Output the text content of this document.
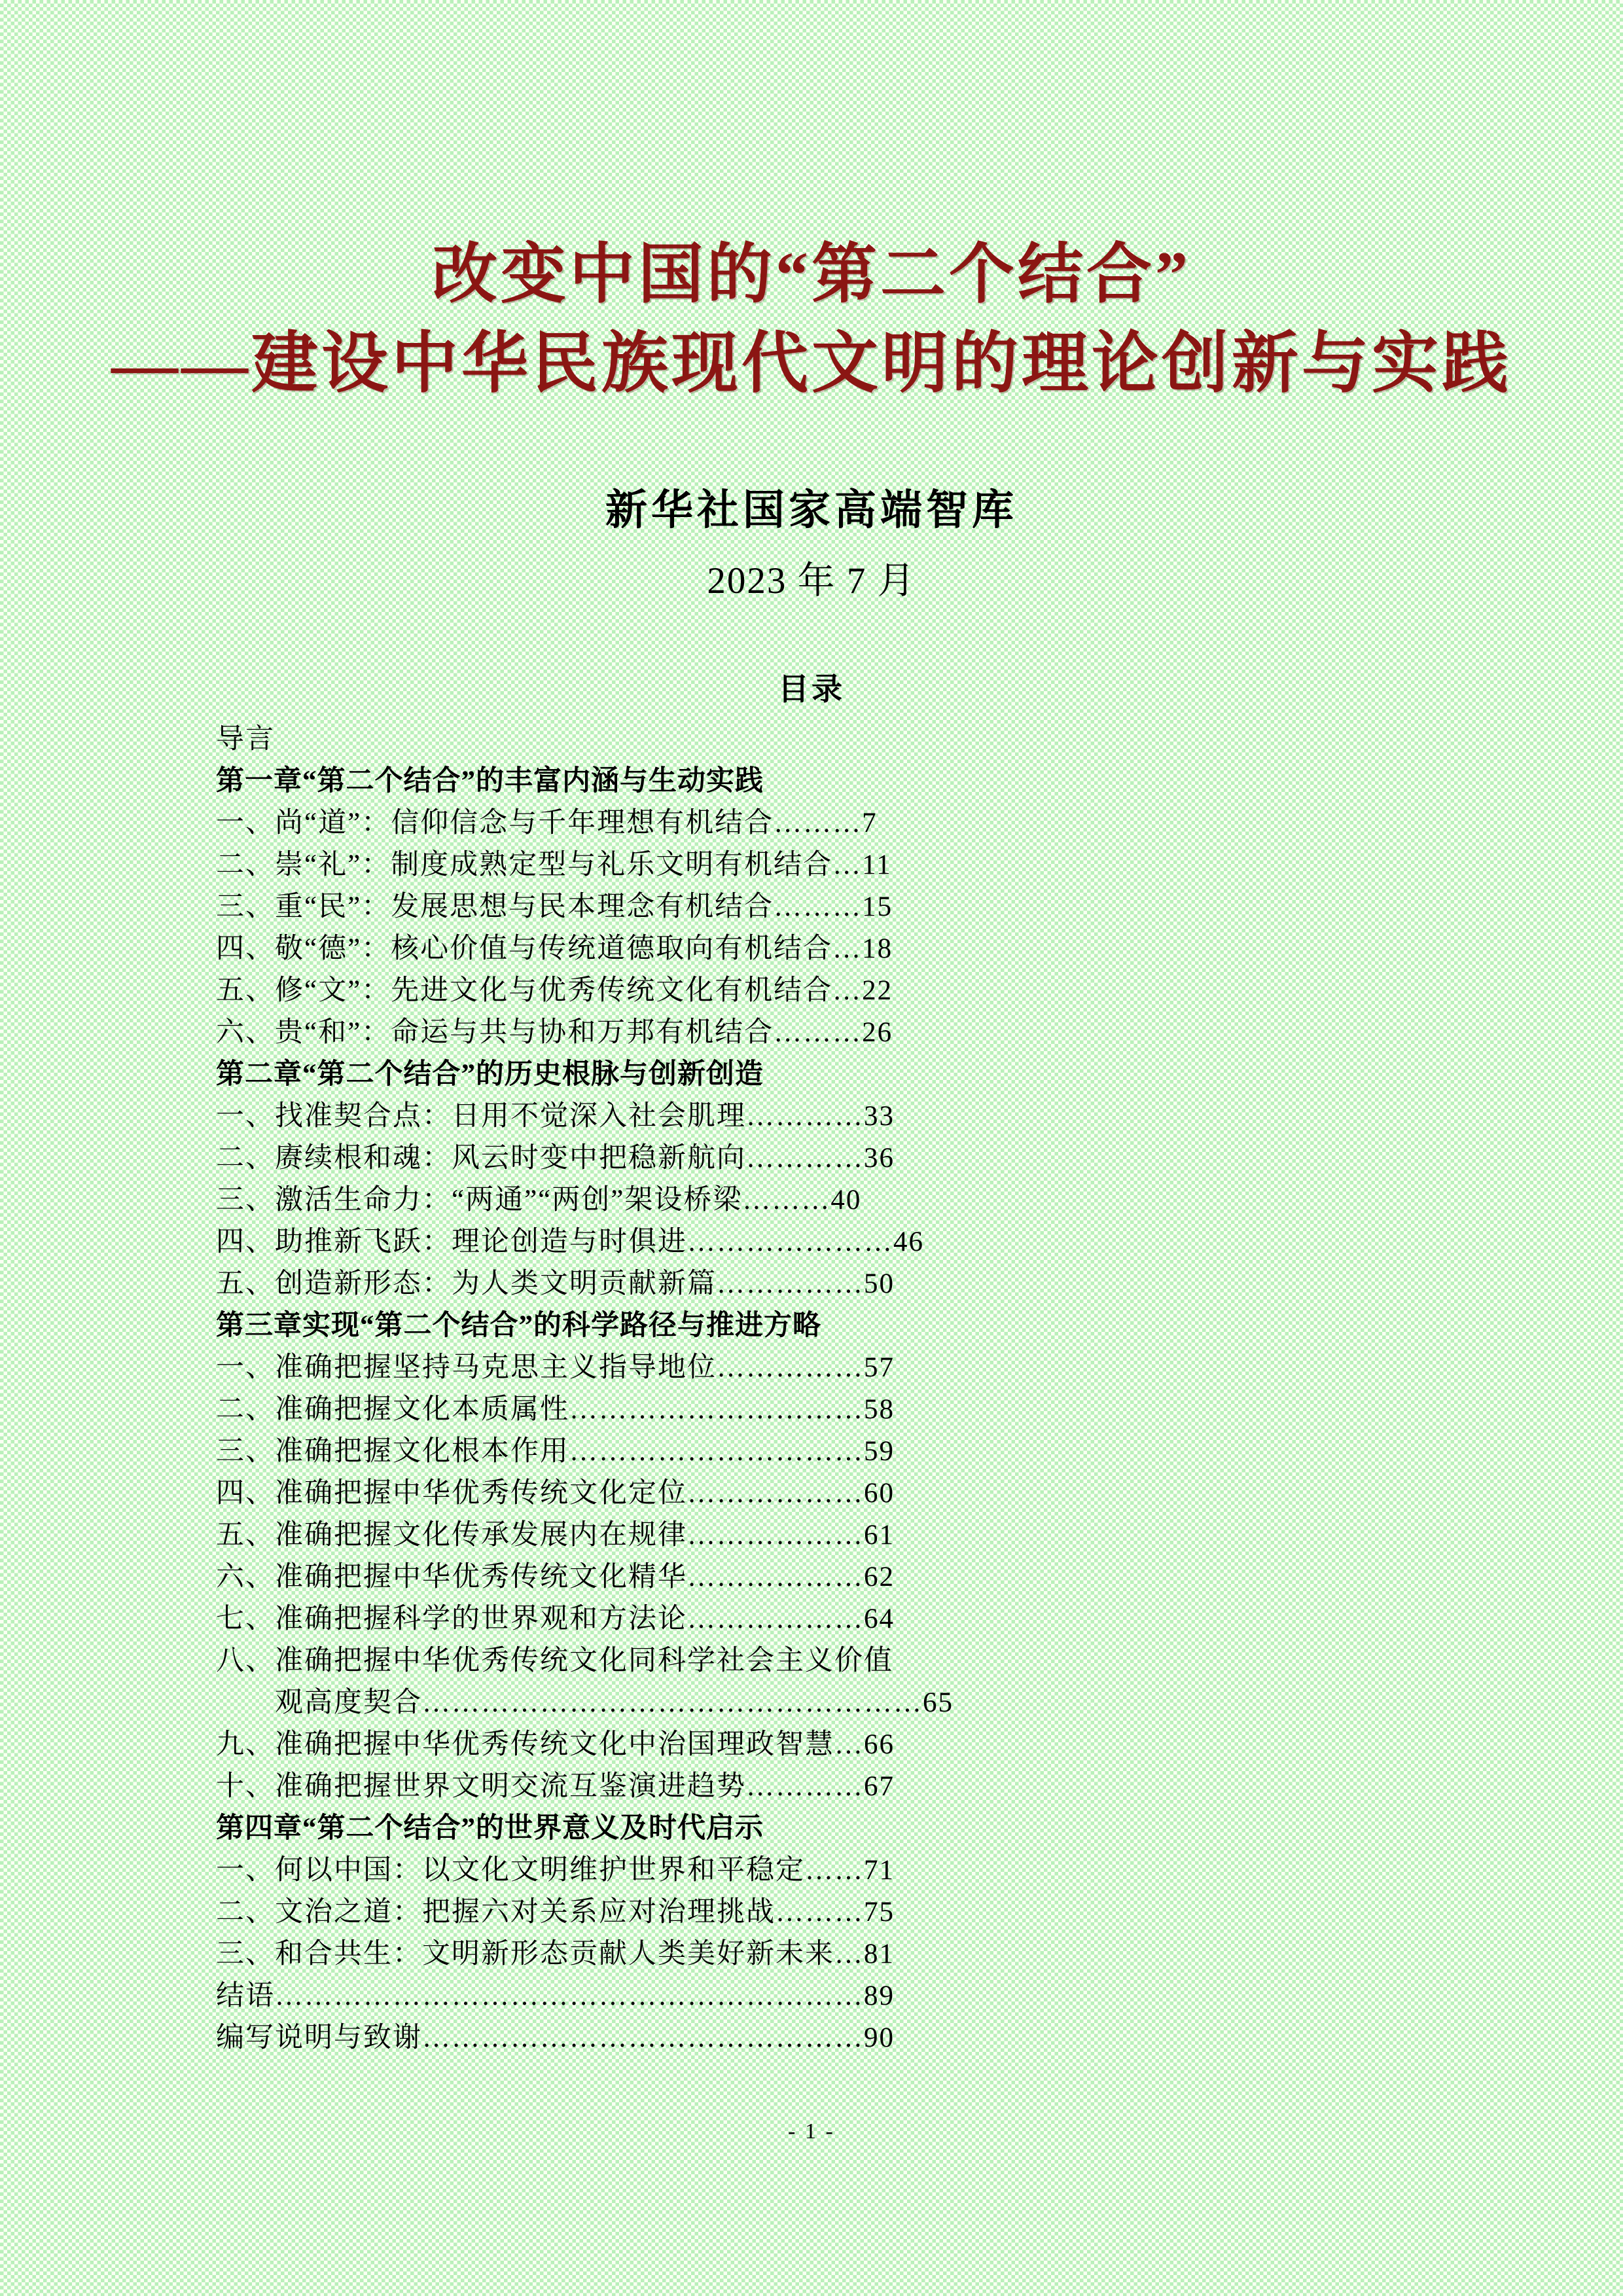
改变中国的“第二个结合”
——建设中华民族现代文明的理论创新与实践
新华社国家高端智库
2023 年 7 月
目录
导言
第一章“第二个结合”的丰富内涵与生动实践
一、尚“道”：信仰信念与千年理想有机结合………7
二、崇“礼”：制度成熟定型与礼乐文明有机结合…11
三、重“民”：发展思想与民本理念有机结合………15
四、敬“德”：核心价值与传统道德取向有机结合…18
五、修“文”：先进文化与优秀传统文化有机结合…22
六、贵“和”：命运与共与协和万邦有机结合………26
第二章“第二个结合”的历史根脉与创新创造
一、找准契合点：日用不觉深入社会肌理…………33
二、赓续根和魂：风云时变中把稳新航向…………36
三、激活生命力：“两通”“两创”架设桥梁………40
四、助推新飞跃：理论创造与时俱进…………………46
五、创造新形态：为人类文明贡献新篇……………50
第三章实现“第二个结合”的科学路径与推进方略
一、准确把握坚持马克思主义指导地位……………57
二、准确把握文化本质属性…………………………58
三、准确把握文化根本作用…………………………59
四、准确把握中华优秀传统文化定位………………60
五、准确把握文化传承发展内在规律………………61
六、准确把握中华优秀传统文化精华………………62
七、准确把握科学的世界观和方法论………………64
八、准确把握中华优秀传统文化同科学社会主义价值
观高度契合……………………………………………65
九、准确把握中华优秀传统文化中治国理政智慧…66
十、准确把握世界文明交流互鉴演进趋势…………67
第四章“第二个结合”的世界意义及时代启示
一、何以中国：以文化文明维护世界和平稳定……71
二、文治之道：把握六对关系应对治理挑战………75
三、和合共生：文明新形态贡献人类美好新未来…81
结语……………………………………………………89
编写说明与致谢………………………………………90
- 1 -
